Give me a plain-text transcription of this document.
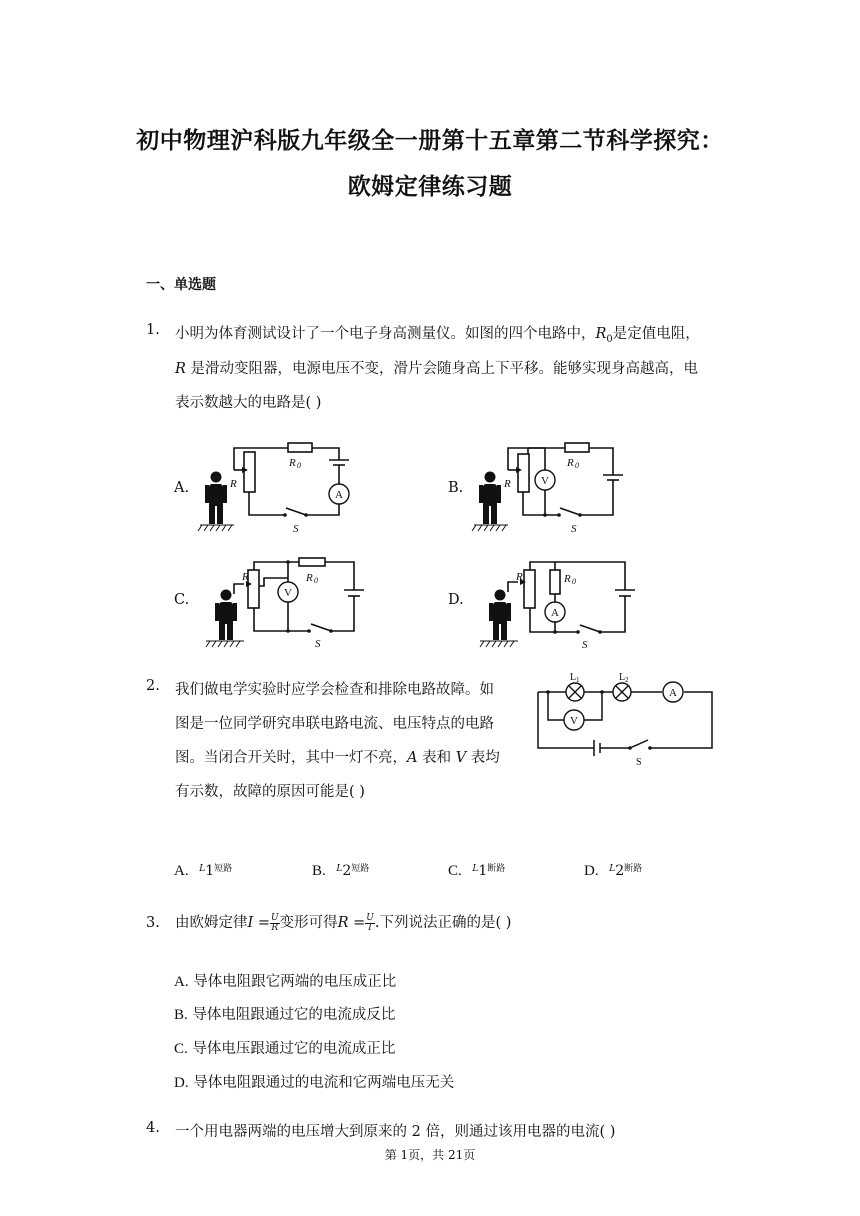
初中物理沪科版九年级全一册第十五章第二节科学探究：
欧姆定律练习题
一、单选题
1. 小明为体育测试设计了一个电子身高测量仪。如图的四个电路中，$R_0$是定值电阻，
R 是滑动变阻器，电源电压不变，滑片会随身高上下平移。能够实现身高越高，电
表示数越大的电路是( )
A.	A
R
R 0
S
B.	V
R
R 0
S
C.	V
R	R 0
S
D.
A
R	R 0
S
2. 我们做电学实验时应学会检查和排除电路故障。如
图是一位同学研究串联电路电流、电压特点的电路
图。当闭合开关时，其中一灯不亮，A 表和 V 表均
有示数，故障的原因可能是( )
A
V
L 1	L 2
S
A. $^L1^{短路}$	B. $^L2^{短路}$	C. $^L1^{断路}$	D. $^L2^{断路}$
3. 由欧姆定律$I = \frac{U}{R}$ 变形可得$R = \frac{U}{I}$ .下列说法正确的是( )
A. 导体电阻跟它两端的电压成正比
B. 导体电阻跟通过它的电流成反比
C. 导体电压跟通过它的电流成正比
D. 导体电阻跟通过的电流和它两端电压无关
4. 一个用电器两端的电压增大到原来的 2 倍，则通过该用电器的电流( )
第 1页，共 21页
